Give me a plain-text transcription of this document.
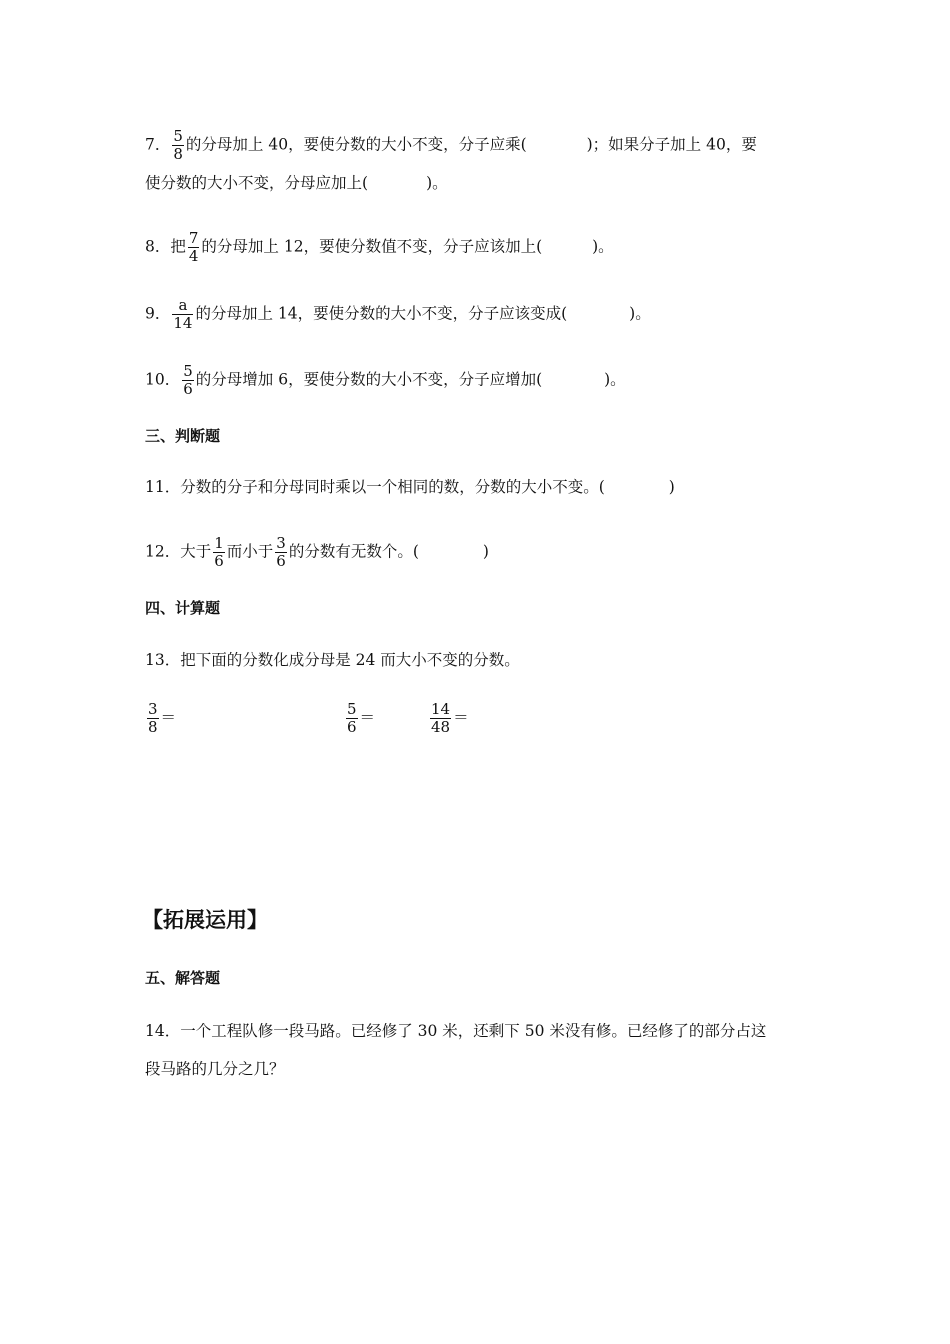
7． $\frac{5}{8}$ 的分母加上 40，要使分数的大小不变，分子应乘(	)；如果分子加上 40，要
使分数的大小不变，分母应加上(	)。
8．把 $\frac{7}{4}$ 的分母加上 12，要使分数值不变，分子应该加上(	)。
9． $\frac{a}{14}$ 的分母加上 14，要使分数的大小不变，分子应该变成(	)。
10． $\frac{5}{6}$ 的分母增加 6，要使分数的大小不变，分子应增加(	)。
三、判断题
11．分数的分子和分母同时乘以一个相同的数，分数的大小不变。(	)
12．大于 $\frac{1}{6}$ 而小于 $\frac{3}{6}$ 的分数有无数个。(	)
四、计算题
13．把下面的分数化成分母是 24 而大小不变的分数。
$\frac{3}{8}$ ＝	$\frac{5}{6}$ ＝	$\frac{14}{48}$ ＝
【拓展运用】
五、解答题
14．一个工程队修一段马路。已经修了 30 米，还剩下 50 米没有修。已经修了的部分占这
段马路的几分之几？
